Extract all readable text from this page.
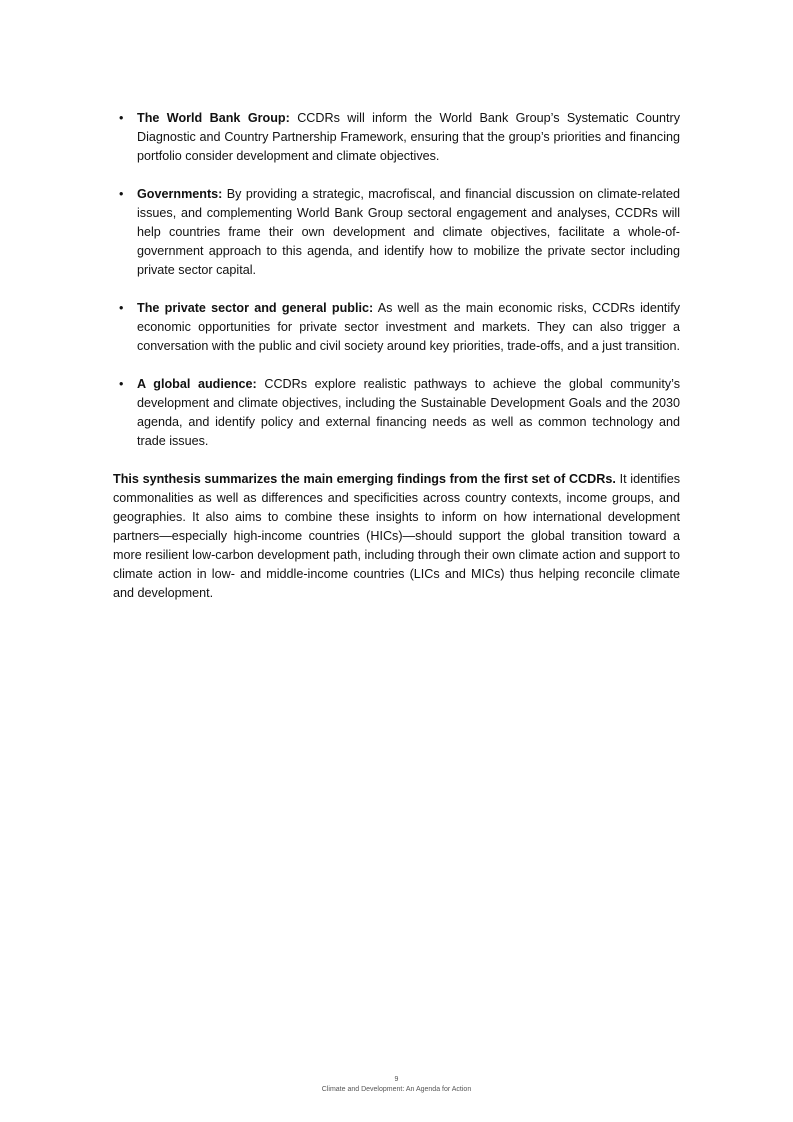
• The World Bank Group: CCDRs will inform the World Bank Group’s Systematic Country Diagnostic and Country Partnership Framework, ensuring that the group’s priorities and financing portfolio consider development and climate objectives.
• Governments: By providing a strategic, macrofiscal, and financial discussion on climate-related issues, and complementing World Bank Group sectoral engagement and analyses, CCDRs will help countries frame their own development and climate objectives, facilitate a whole-of-government approach to this agenda, and identify how to mobilize the private sector including private sector capital.
• The private sector and general public: As well as the main economic risks, CCDRs identify economic opportunities for private sector investment and markets. They can also trigger a conversation with the public and civil society around key priorities, trade-offs, and a just transition.
• A global audience: CCDRs explore realistic pathways to achieve the global community’s development and climate objectives, including the Sustainable Development Goals and the 2030 agenda, and identify policy and external financing needs as well as common technology and trade issues.

This synthesis summarizes the main emerging findings from the first set of CCDRs. It identifies commonalities as well as differences and specificities across country contexts, income groups, and geographies. It also aims to combine these insights to inform on how international development partners—especially high-income countries (HICs)—should support the global transition toward a more resilient low-carbon development path, including through their own climate action and support to climate action in low- and middle-income countries (LICs and MICs) thus helping reconcile climate and development.

9
Climate and Development: An Agenda for Action
